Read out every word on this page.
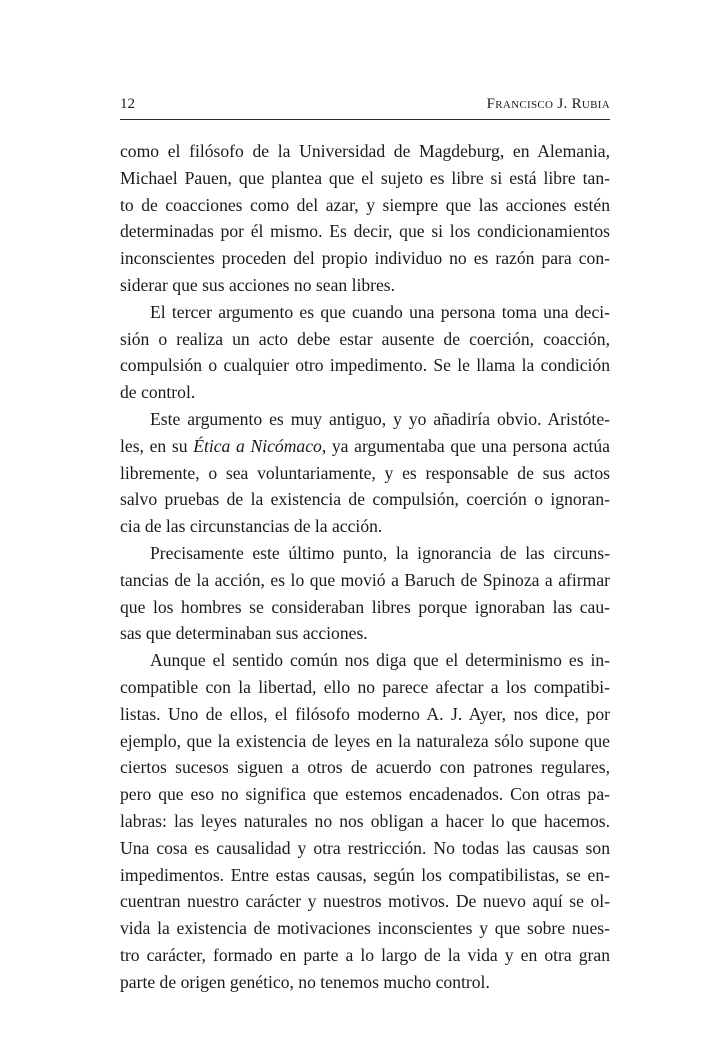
12	Francisco J. Rubia
como el filósofo de la Universidad de Magdeburg, en Alemania,
Michael Pauen, que plantea que el sujeto es libre si está libre tan-
to de coacciones como del azar, y siempre que las acciones estén
determinadas por él mismo. Es decir, que si los condicionamientos
inconscientes proceden del propio individuo no es razón para con-
siderar que sus acciones no sean libres.
El tercer argumento es que cuando una persona toma una deci-
sión o realiza un acto debe estar ausente de coerción, coacción,
compulsión o cualquier otro impedimento. Se le llama la condición
de control.
Este argumento es muy antiguo, y yo añadiría obvio. Aristóte-
les, en su Ética a Nicómaco, ya argumentaba que una persona actúa
libremente, o sea voluntariamente, y es responsable de sus actos
salvo pruebas de la existencia de compulsión, coerción o ignoran-
cia de las circunstancias de la acción.
Precisamente este último punto, la ignorancia de las circuns-
tancias de la acción, es lo que movió a Baruch de Spinoza a afirmar
que los hombres se consideraban libres porque ignoraban las cau-
sas que determinaban sus acciones.
Aunque el sentido común nos diga que el determinismo es in-
compatible con la libertad, ello no parece afectar a los compatibi-
listas. Uno de ellos, el filósofo moderno A. J. Ayer, nos dice, por
ejemplo, que la existencia de leyes en la naturaleza sólo supone que
ciertos sucesos siguen a otros de acuerdo con patrones regulares,
pero que eso no significa que estemos encadenados. Con otras pa-
labras: las leyes naturales no nos obligan a hacer lo que hacemos.
Una cosa es causalidad y otra restricción. No todas las causas son
impedimentos. Entre estas causas, según los compatibilistas, se en-
cuentran nuestro carácter y nuestros motivos. De nuevo aquí se ol-
vida la existencia de motivaciones inconscientes y que sobre nues-
tro carácter, formado en parte a lo largo de la vida y en otra gran
parte de origen genético, no tenemos mucho control.
